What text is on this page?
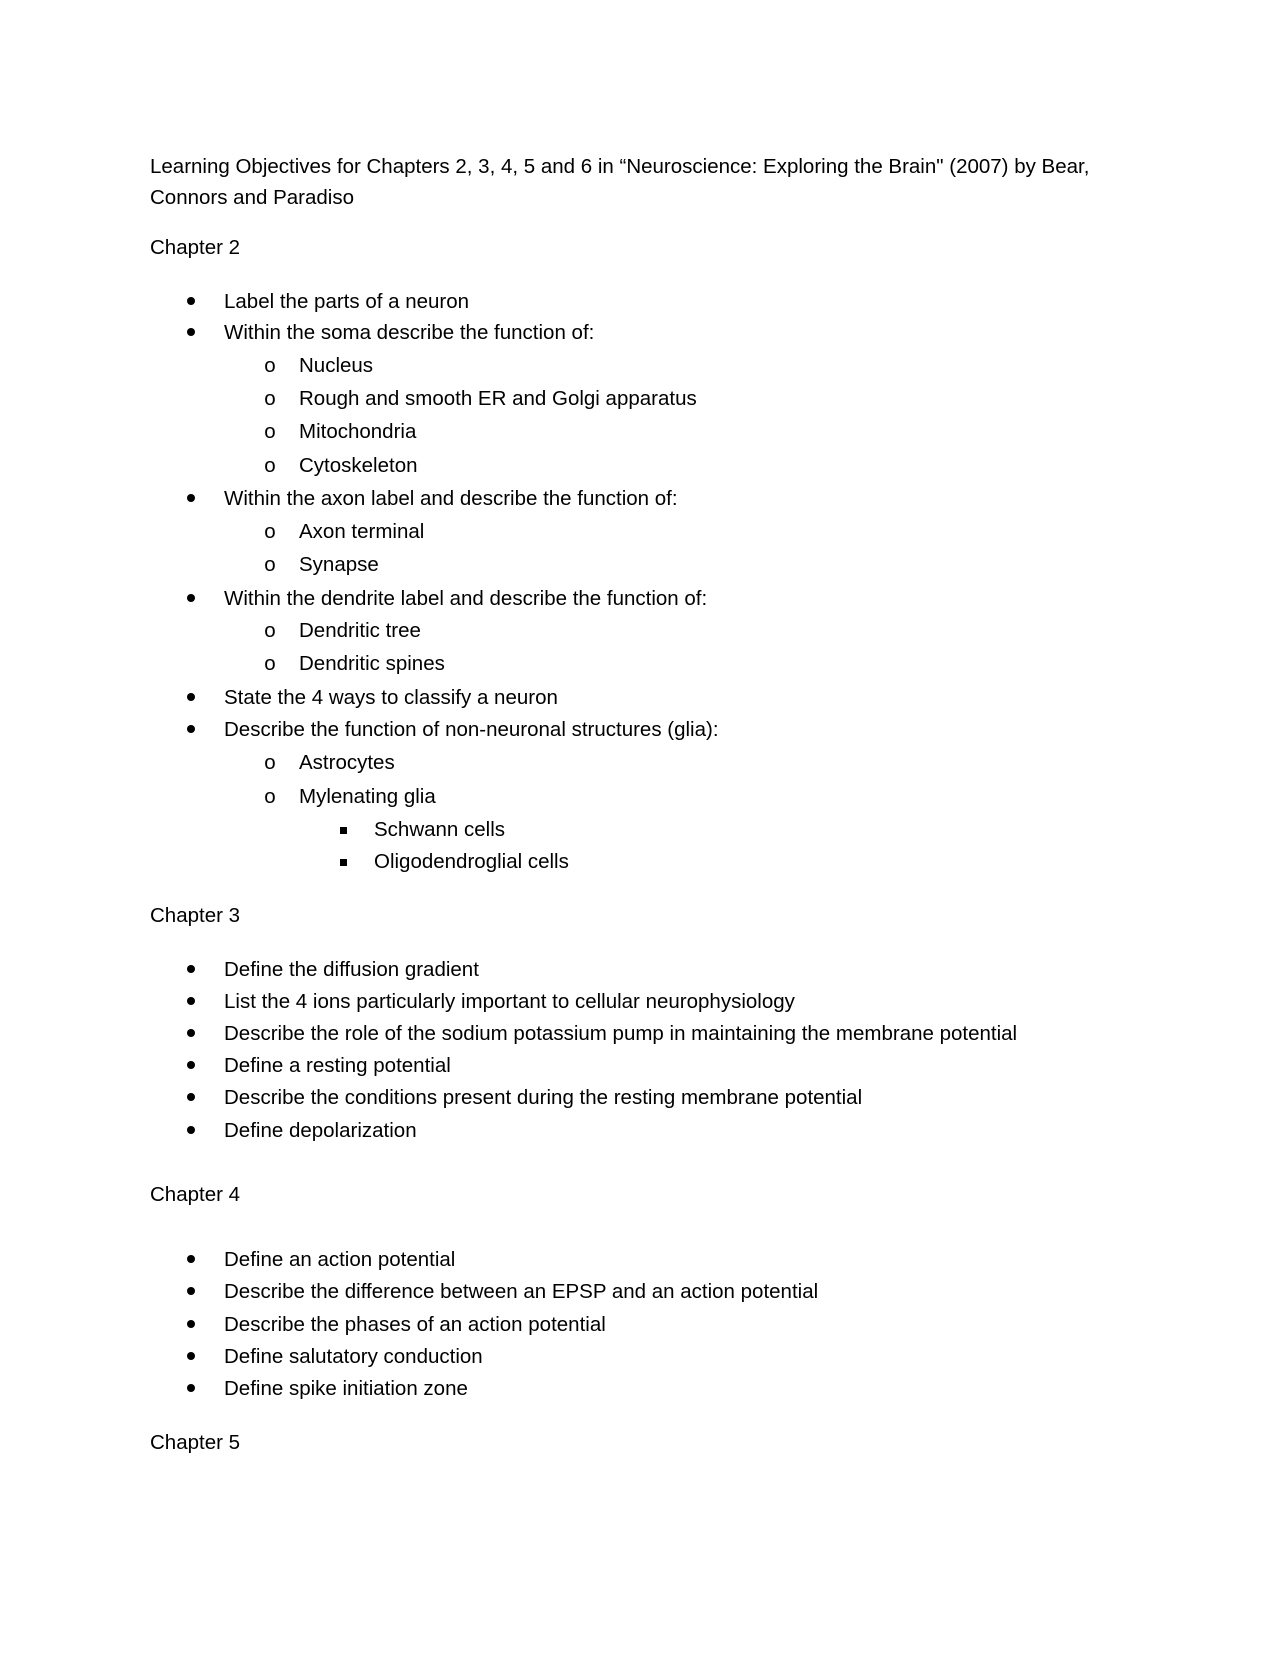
Learning Objectives for Chapters 2, 3, 4, 5 and 6 in “Neuroscience: Exploring the Brain" (2007) by Bear, Connors and Paradiso

Chapter 2

Label the parts of a neuron
Within the soma describe the function of:
o Nucleus
o Rough and smooth ER and Golgi apparatus
o Mitochondria
o Cytoskeleton
Within the axon label and describe the function of:
o Axon terminal
o Synapse
Within the dendrite label and describe the function of:
o Dendritic tree
o Dendritic spines
State the 4 ways to classify a neuron
Describe the function of non-neuronal structures (glia):
o Astrocytes
o Mylenating glia
Schwann cells
Oligodendroglial cells

Chapter 3

Define the diffusion gradient
List the 4 ions particularly important to cellular neurophysiology
Describe the role of the sodium potassium pump in maintaining the membrane potential
Define a resting potential
Describe the conditions present during the resting membrane potential
Define depolarization

Chapter 4

Define an action potential
Describe the difference between an EPSP and an action potential
Describe the phases of an action potential
Define salutatory conduction
Define spike initiation zone

Chapter 5
